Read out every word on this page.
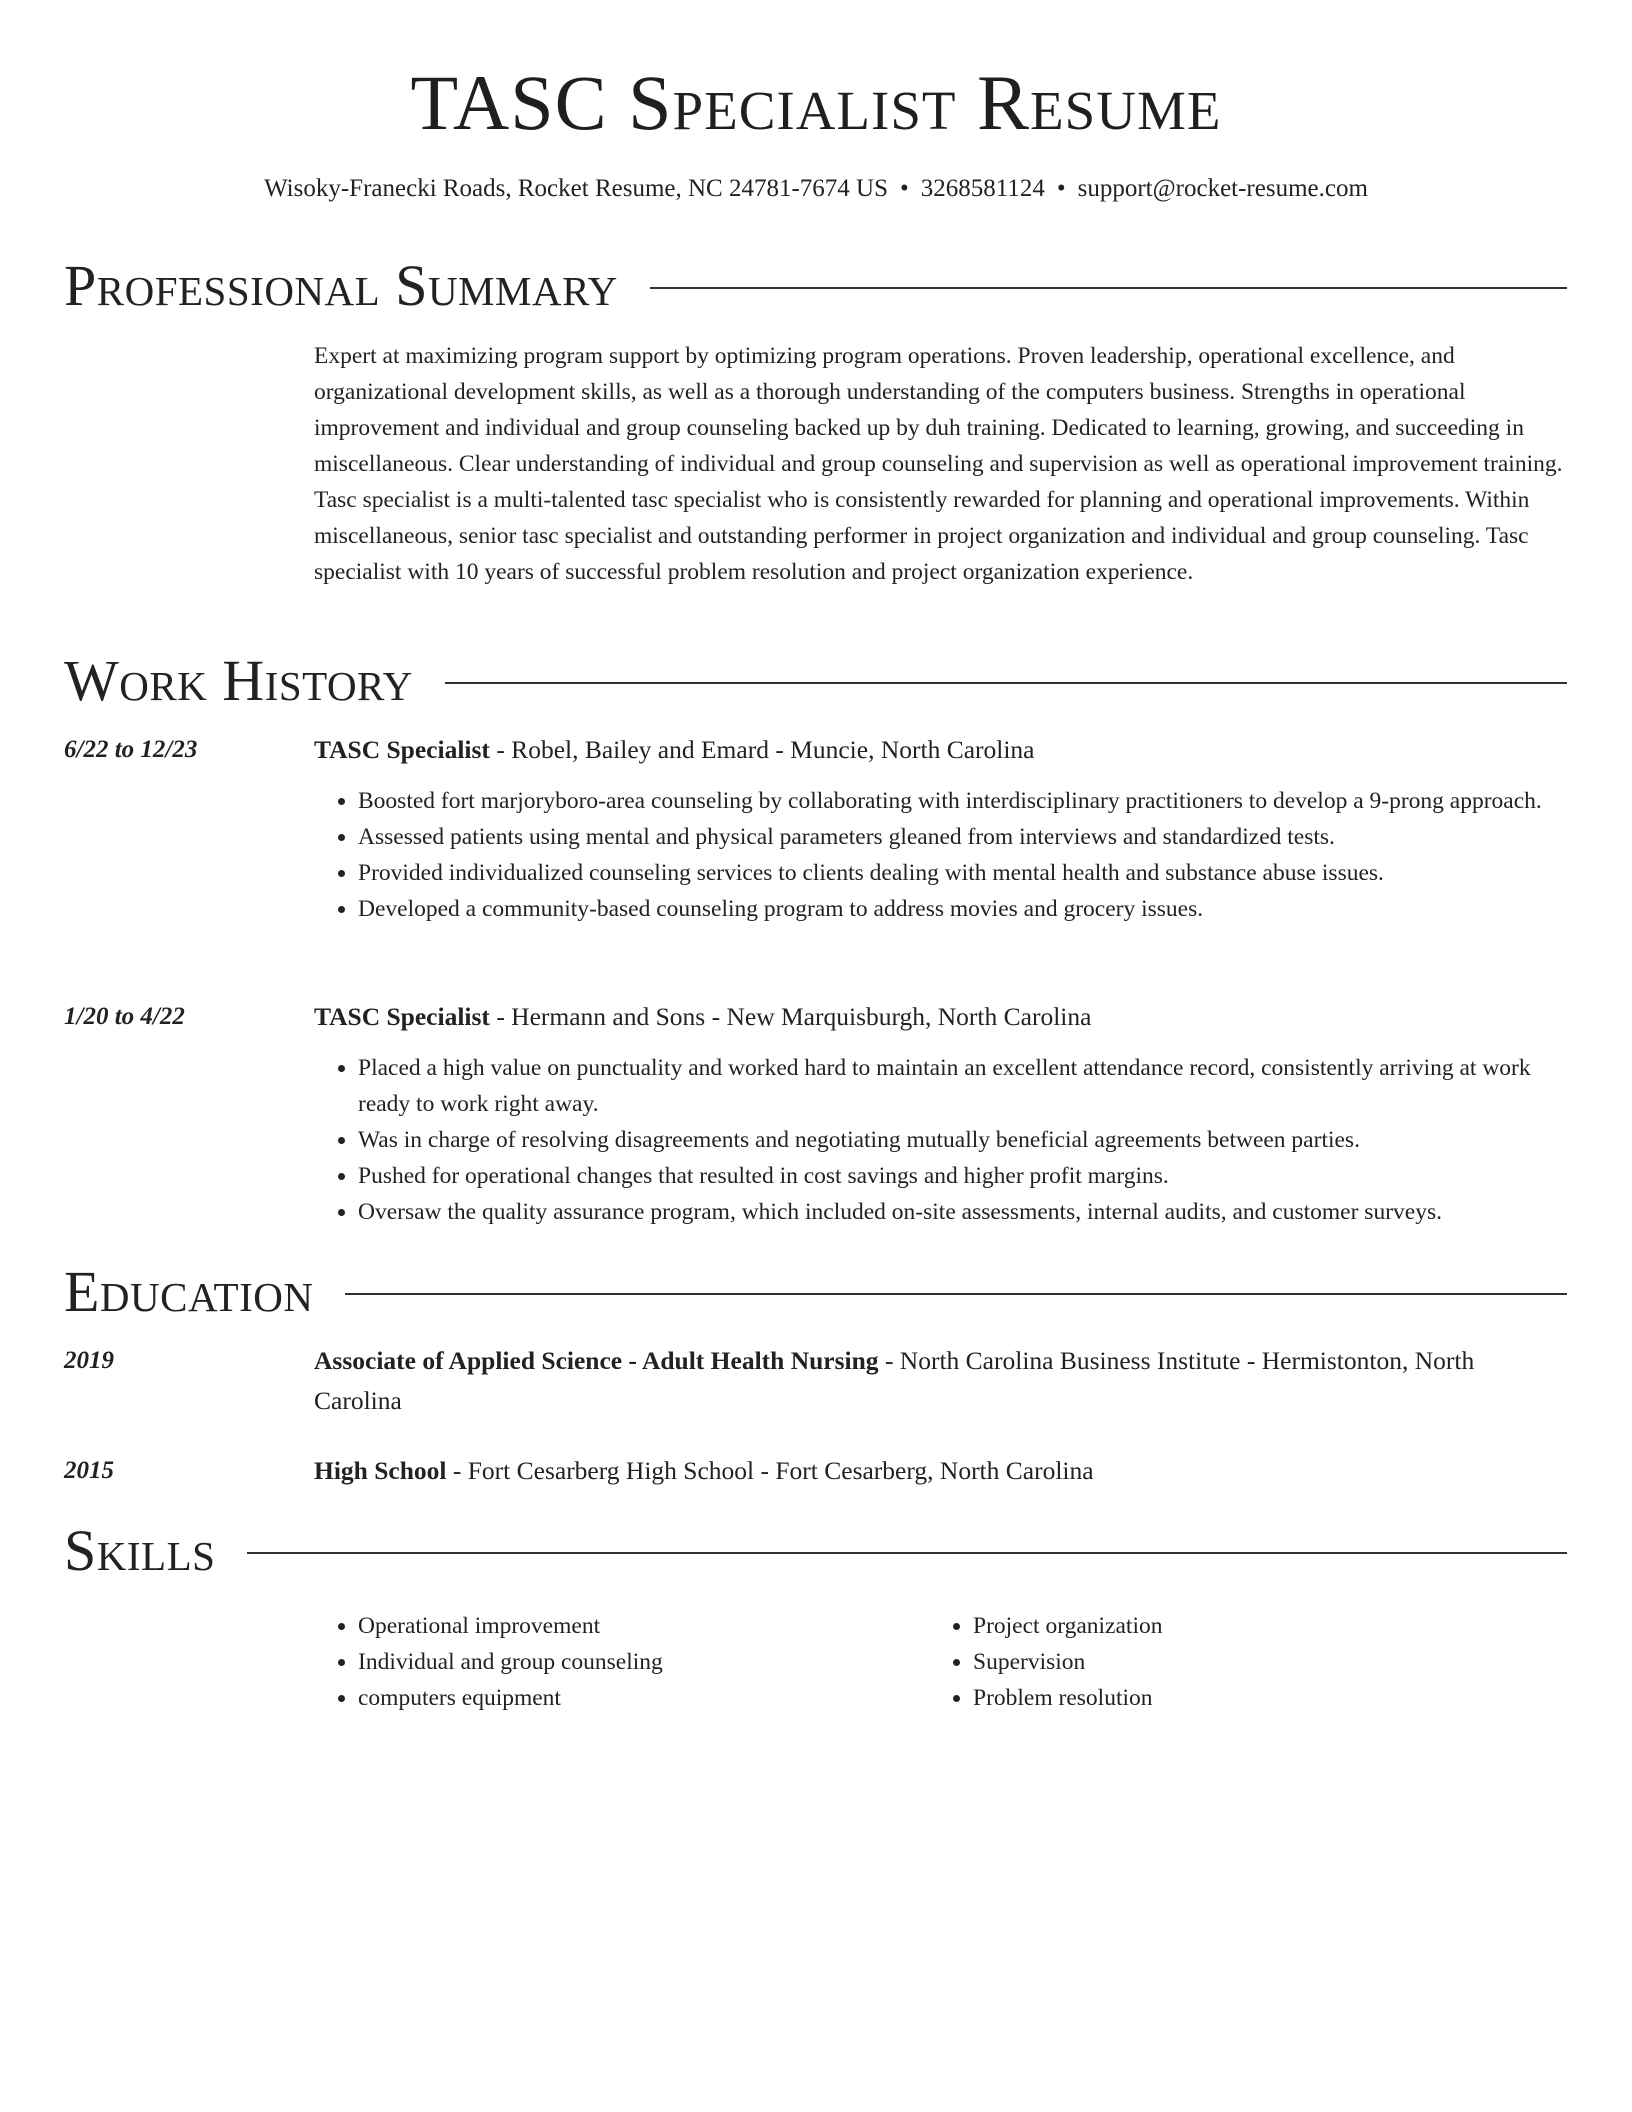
TASC Specialist Resume
Wisoky-Franecki Roads, Rocket Resume, NC 24781-7674 US • 3268581124 • support@rocket-resume.com
Professional Summary

Expert at maximizing program support by optimizing program operations. Proven leadership, operational excellence, and organizational development skills, as well as a thorough understanding of the computers business. Strengths in operational improvement and individual and group counseling backed up by duh training. Dedicated to learning, growing, and succeeding in miscellaneous. Clear understanding of individual and group counseling and supervision as well as operational improvement training. Tasc specialist is a multi-talented tasc specialist who is consistently rewarded for planning and operational improvements. Within miscellaneous, senior tasc specialist and outstanding performer in project organization and individual and group counseling. Tasc specialist with 10 years of successful problem resolution and project organization experience.

Work History
6/22 to 12/23	TASC Specialist - Robel, Bailey and Emard - Muncie, North Carolina

• Boosted fort marjoryboro-area counseling by collaborating with interdisciplinary practitioners to develop a 9-prong approach.
• Assessed patients using mental and physical parameters gleaned from interviews and standardized tests.
• Provided individualized counseling services to clients dealing with mental health and substance abuse issues.
• Developed a community-based counseling program to address movies and grocery issues.
1/20 to 4/22	TASC Specialist - Hermann and Sons - New Marquisburgh, North Carolina

• Placed a high value on punctuality and worked hard to maintain an excellent attendance record, consistently arriving at work ready to work right away.
• Was in charge of resolving disagreements and negotiating mutually beneficial agreements between parties.
• Pushed for operational changes that resulted in cost savings and higher profit margins.
• Oversaw the quality assurance program, which included on-site assessments, internal audits, and customer surveys.
Education
2019	Associate of Applied Science - Adult Health Nursing - North Carolina Business Institute - Hermistonton, North Carolina

2015	High School - Fort Cesarberg High School - Fort Cesarberg, North Carolina

Skills
• Operational improvement
• Individual and group counseling
• computers equipment
• Project organization
• Supervision
• Problem resolution
